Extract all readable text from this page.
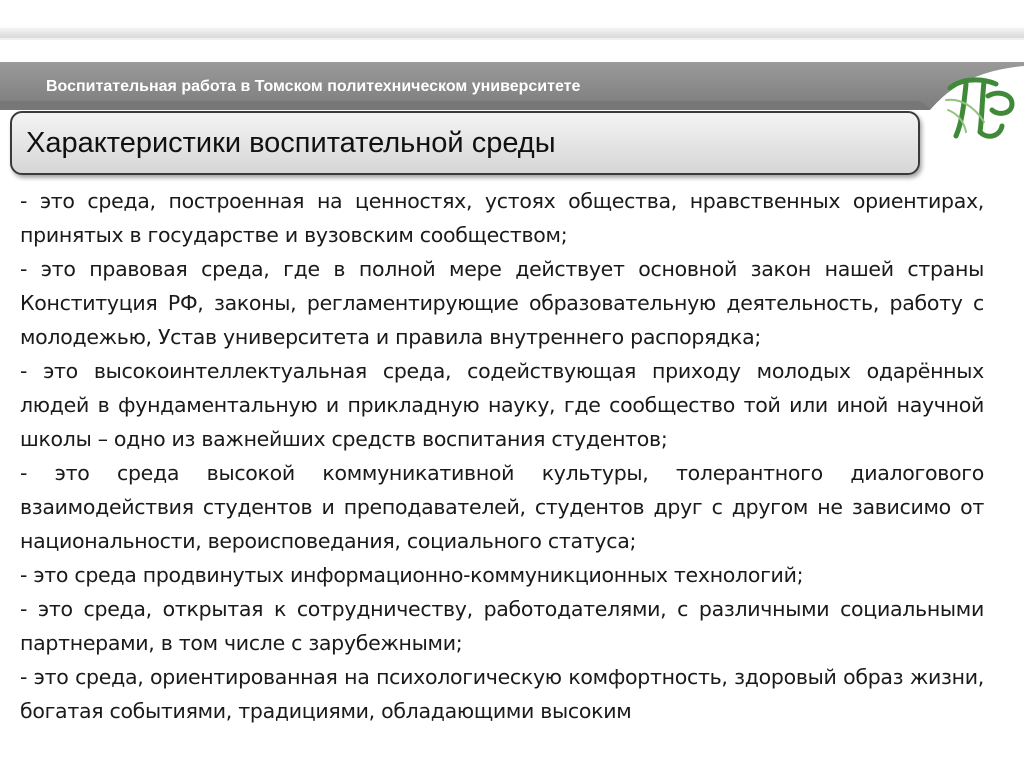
Воспитательная работа в Томском политехническом университете
Характеристики воспитательной среды

- это среда, построенная на ценностях, устоях общества, нравственных ориентирах, принятых в государстве и вузовским сообществом;

- это правовая среда, где в полной мере действует основной закон нашей страны Конституция РФ, законы, регламентирующие образовательную деятельность, работу с молодежью, Устав университета и правила внутреннего распорядка;

- это высокоинтеллектуальная среда, содействующая приходу молодых одарённых людей в фундаментальную и прикладную науку, где сообщество той или иной научной школы – одно из важнейших средств воспитания студентов;

- это среда высокой коммуникативной культуры, толерантного диалогового взаимодействия студентов и преподавателей, студентов друг с другом не зависимо от национальности, вероисповедания, социального статуса;

- это среда продвинутых информационно-коммуникционных технологий;

- это среда, открытая к сотрудничеству, работодателями, с различными социальными партнерами, в том числе с зарубежными;

- это среда, ориентированная на психологическую комфортность, здоровый образ жизни, богатая событиями, традициями, обладающими высоким
